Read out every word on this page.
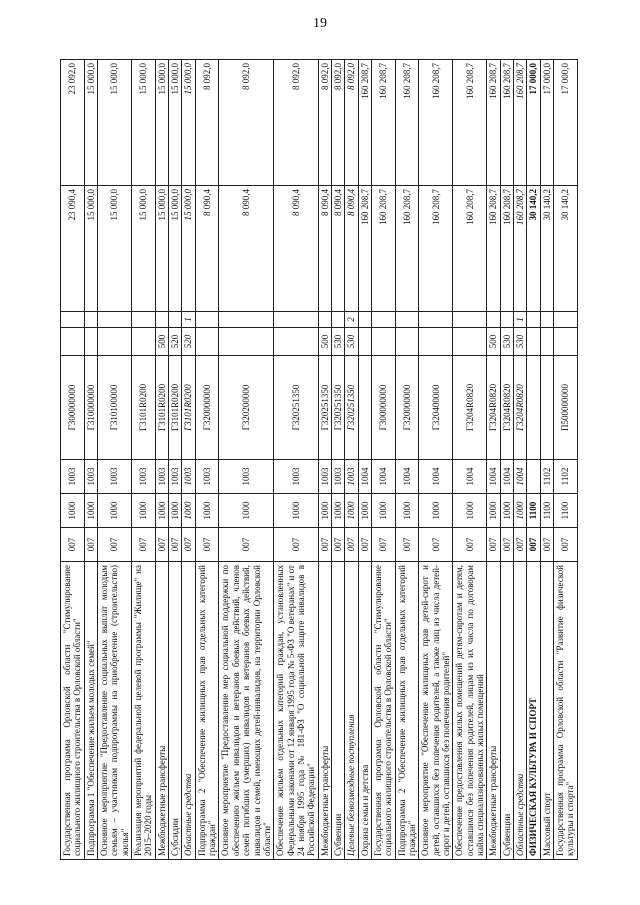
19
Государственная программа Орловской области "Стимулирование социального жилищного строительства в Орловской области"	007	1000	1003	Г300000000			23 090,4	23 092,0
Подпрограмма 1 "Обеспечение жильем молодых семей"	007	1000	1003	Г310000000			15 000,0	15 000,0
Основное мероприятие "Предоставление социальных выплат молодым семьям – участникам подпрограммы на приобретение (строительство) жилья"	007	1000	1003	Г310100000			15 000,0	15 000,0
Реализация мероприятий федеральной целевой программы "Жилище" на 2015–2020 годы	007	1000	1003	Г3101R0200			15 000,0	15 000,0
Межбюджетные трансферты	007	1000	1003	Г3101R0200	500		15 000,0	15 000,0
Субсидии	007	1000	1003	Г3101R0200	520		15 000,0	15 000,0
Областные средства	007	1000	1003	Г3101R0200	520	1	15 000,0	15 000,0
Подпрограмма 2 "Обеспечение жилищных прав отдельных категорий граждан"	007	1000	1003	Г320000000			8 090,4	8 092,0
Основное мероприятие "Предоставление мер социальной поддержки по обеспечению жильем инвалидов и ветеранов боевых действий, членов семей погибших (умерших) инвалидов и ветеранов боевых действий, инвалидов и семей, имеющих детей-инвалидов, на территории Орловской области"	007	1000	1003	Г320200000			8 090,4	8 092,0
Обеспечение жильем отдельных категорий граждан, установленных Федеральными законами от 12 января 1995 года № 5-ФЗ "О ветеранах" и от 24 ноября 1995 года № 181-ФЗ "О социальной защите инвалидов в Российской Федерации"	007	1000	1003	Г320251350			8 090,4	8 092,0
Межбюджетные трансферты	007	1000	1003	Г320251350	500		8 090,4	8 092,0
Субвенции	007	1000	1003	Г320251350	530		8 090,4	8 092,0
Целевые безвозмездные поступления	007	1000	1003	Г320251350	530	2	8 090,4	8 092,0
Охрана семьи и детства	007	1000	1004				160 208,7	160 208,7
Государственная программа Орловской области "Стимулирование социального жилищного строительства в Орловской области"	007	1000	1004	Г300000000			160 208,7	160 208,7
Подпрограмма 2 "Обеспечение жилищных прав отдельных категорий граждан"	007	1000	1004	Г320000000			160 208,7	160 208,7
Основное мероприятие "Обеспечение жилищных прав детей-сирот и детей, оставшихся без попечения родителей, а также лиц из числа детей-сирот и детей, оставшихся без попечения родителей"	007	1000	1004	Г320400000			160 208,7	160 208,7
Обеспечение предоставления жилых помещений детям-сиротам и детям, оставшимся без попечения родителей, лицам из их числа по договорам найма специализированных жилых помещений	007	1000	1004	Г3204R0820			160 208,7	160 208,7
Межбюджетные трансферты	007	1000	1004	Г3204R0820	500		160 208,7	160 208,7
Субвенции	007	1000	1004	Г3204R0820	530		160 208,7	160 208,7
Областные средства	007	1000	1004	Г3204R0820	530	1	160 208,7	160 208,7
ФИЗИЧЕСКАЯ КУЛЬТУРА И СПОРТ	007	1100					30 140,2	17 000,0
Массовый спорт	007	1100	1102				30 140,2	17 000,0
Государственная программа Орловской области "Развитие физической культуры и спорта"	007	1100	1102	П500000000			30 140,2	17 000,0
